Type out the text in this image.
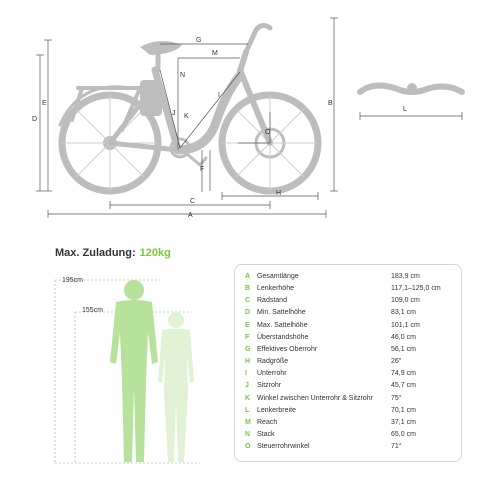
A
C
H
D
E	B
F
G
M
N
I
J K
O
L
Max. Zuladung: 120kg
195cm
155cm
A Gesamtlänge	183,9 cm
B Lenkerhöhe	117,1–125,0 cm
C Radstand	109,0 cm
D Min. Sattelhöhe	83,1 cm
E	Max. Sattelhöhe	101,1 cm
F	Überstandshöhe	46,0 cm
G Effektives Oberrohr	56,1 cm
H Radgröße	26″
I	Unterrohr	74,9 cm
J	Sitzrohr	45,7 cm
K Winkel zwischen Unterrohr & Sitzrohr	75°
L	Lenkerbreite	70,1 cm
M Reach	37,1 cm
N Stack	65,0 cm
O Steuerrohrwinkel	71°
